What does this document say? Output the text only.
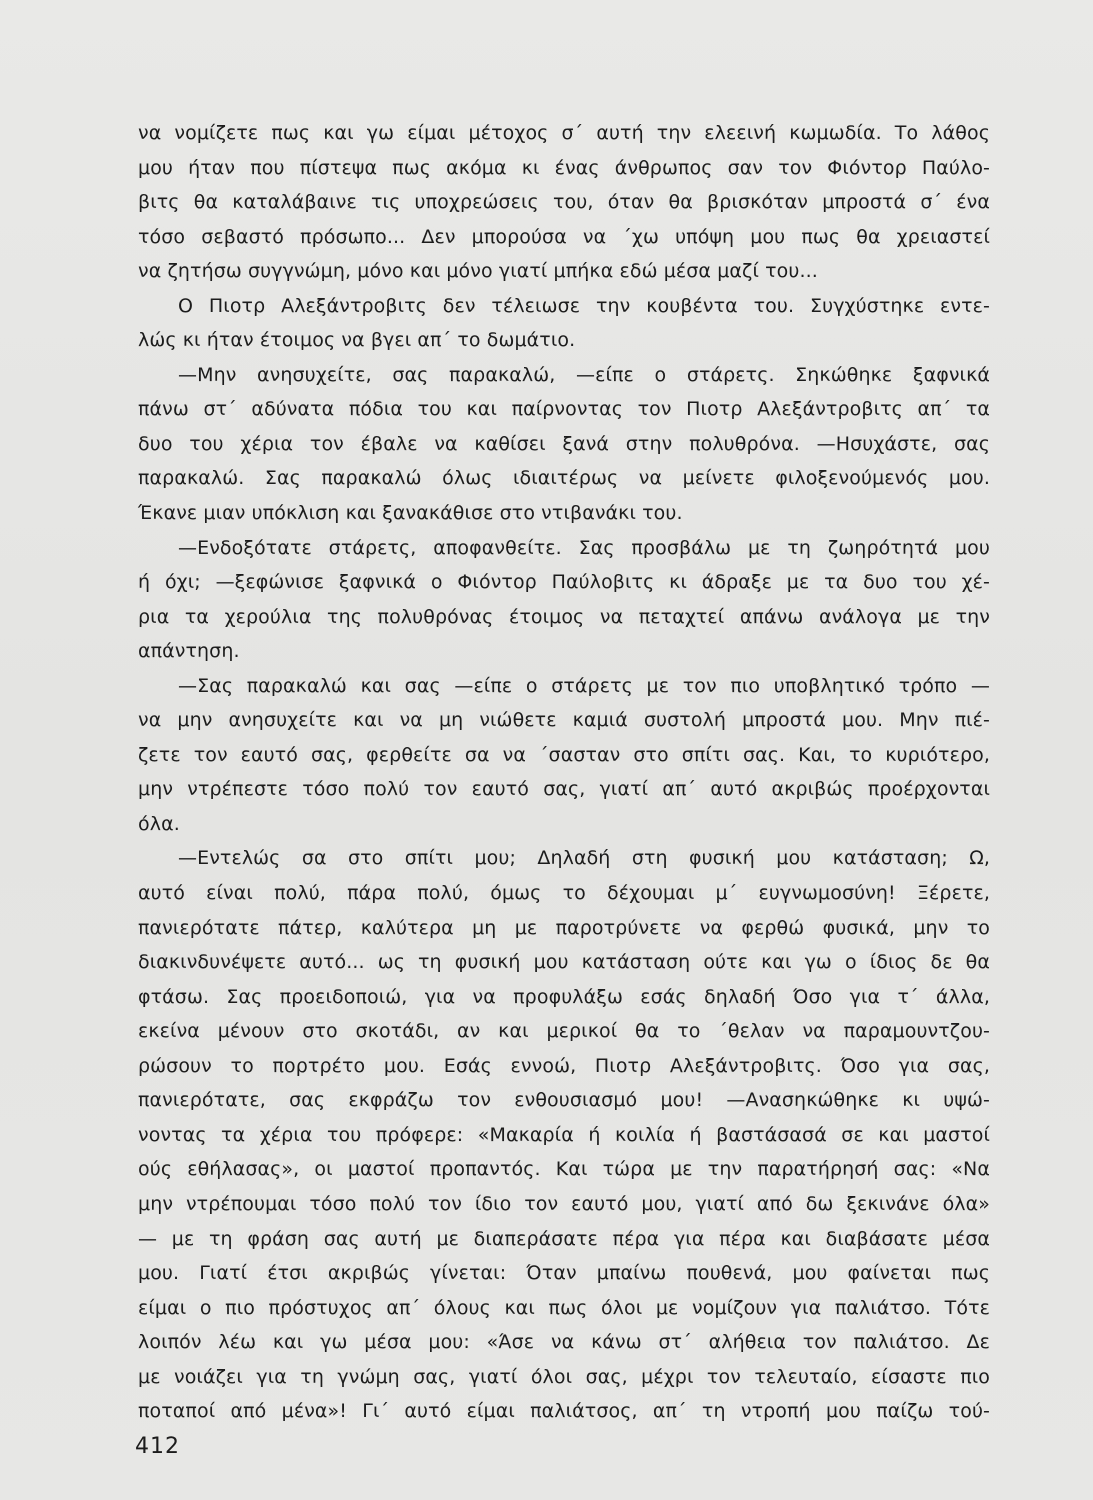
να νομίζετε πως και γω είμαι μέτοχος σ΄ αυτή την ελεεινή κωμωδία. Το λάθος
μου ήταν που πίστεψα πως ακόμα κι ένας άνθρωπος σαν τον Φιόντορ Παύλο-
βιτς θα καταλάβαινε τις υποχρεώσεις του, όταν θα βρισκόταν μπροστά σ΄ ένα
τόσο σεβαστό πρόσωπο... Δεν μπορούσα να ΄χω υπόψη μου πως θα χρειαστεί
να ζητήσω συγγνώμη, μόνο και μόνο γιατί μπήκα εδώ μέσα μαζί του...
Ο Πιοτρ Αλεξάντροβιτς δεν τέλειωσε την κουβέντα του. Συγχύστηκε εντε-
λώς κι ήταν έτοιμος να βγει απ΄ το δωμάτιο.
—Μην ανησυχείτε, σας παρακαλώ, —είπε ο στάρετς. Σηκώθηκε ξαφνικά
πάνω στ΄ αδύνατα πόδια του και παίρνοντας τον Πιοτρ Αλεξάντροβιτς απ΄ τα
δυο του χέρια τον έβαλε να καθίσει ξανά στην πολυθρόνα. —Ησυχάστε, σας
παρακαλώ. Σας παρακαλώ όλως ιδιαιτέρως να μείνετε φιλοξενούμενός μου.
Έκανε μιαν υπόκλιση και ξανακάθισε στο ντιβανάκι του.
—Ενδοξότατε στάρετς, αποφανθείτε. Σας προσβάλω με τη ζωηρότητά μου
ή όχι; —ξεφώνισε ξαφνικά ο Φιόντορ Παύλοβιτς κι άδραξε με τα δυο του χέ-
ρια τα χερούλια της πολυθρόνας έτοιμος να πεταχτεί απάνω ανάλογα με την
απάντηση.
—Σας παρακαλώ και σας —είπε ο στάρετς με τον πιο υποβλητικό τρόπο —
να μην ανησυχείτε και να μη νιώθετε καμιά συστολή μπροστά μου. Μην πιέ-
ζετε τον εαυτό σας, φερθείτε σα να ΄σασταν στο σπίτι σας. Και, το κυριότερο,
μην ντρέπεστε τόσο πολύ τον εαυτό σας, γιατί απ΄ αυτό ακριβώς προέρχονται
όλα.
—Εντελώς σα στο σπίτι μου; Δηλαδή στη φυσική μου κατάσταση; Ω,
αυτό είναι πολύ, πάρα πολύ, όμως το δέχουμαι μ΄ ευγνωμοσύνη! Ξέρετε,
πανιερότατε πάτερ, καλύτερα μη με παροτρύνετε να φερθώ φυσικά, μην το
διακινδυνέψετε αυτό... ως τη φυσική μου κατάσταση ούτε και γω ο ίδιος δε θα
φτάσω. Σας προειδοποιώ, για να προφυλάξω εσάς δηλαδή Όσο για τ΄ άλλα,
εκείνα μένουν στο σκοτάδι, αν και μερικοί θα το ΄θελαν να παραμουντζου-
ρώσουν το πορτρέτο μου. Εσάς εννοώ, Πιοτρ Αλεξάντροβιτς. Όσο για σας,
πανιερότατε, σας εκφράζω τον ενθουσιασμό μου! —Ανασηκώθηκε κι υψώ-
νοντας τα χέρια του πρόφερε: «Μακαρία ή κοιλία ή βαστάσασά σε και μαστοί
ούς εθήλασας», οι μαστοί προπαντός. Και τώρα με την παρατήρησή σας: «Να
μην ντρέπουμαι τόσο πολύ τον ίδιο τον εαυτό μου, γιατί από δω ξεκινάνε όλα»
— με τη φράση σας αυτή με διαπεράσατε πέρα για πέρα και διαβάσατε μέσα
μου. Γιατί έτσι ακριβώς γίνεται: Όταν μπαίνω πουθενά, μου φαίνεται πως
είμαι ο πιο πρόστυχος απ΄ όλους και πως όλοι με νομίζουν για παλιάτσο. Τότε
λοιπόν λέω και γω μέσα μου: «Άσε να κάνω στ΄ αλήθεια τον παλιάτσο. Δε
με νοιάζει για τη γνώμη σας, γιατί όλοι σας, μέχρι τον τελευταίο, είσαστε πιο
ποταποί από μένα»! Γι΄ αυτό είμαι παλιάτσος, απ΄ τη ντροπή μου παίζω τού-
412
